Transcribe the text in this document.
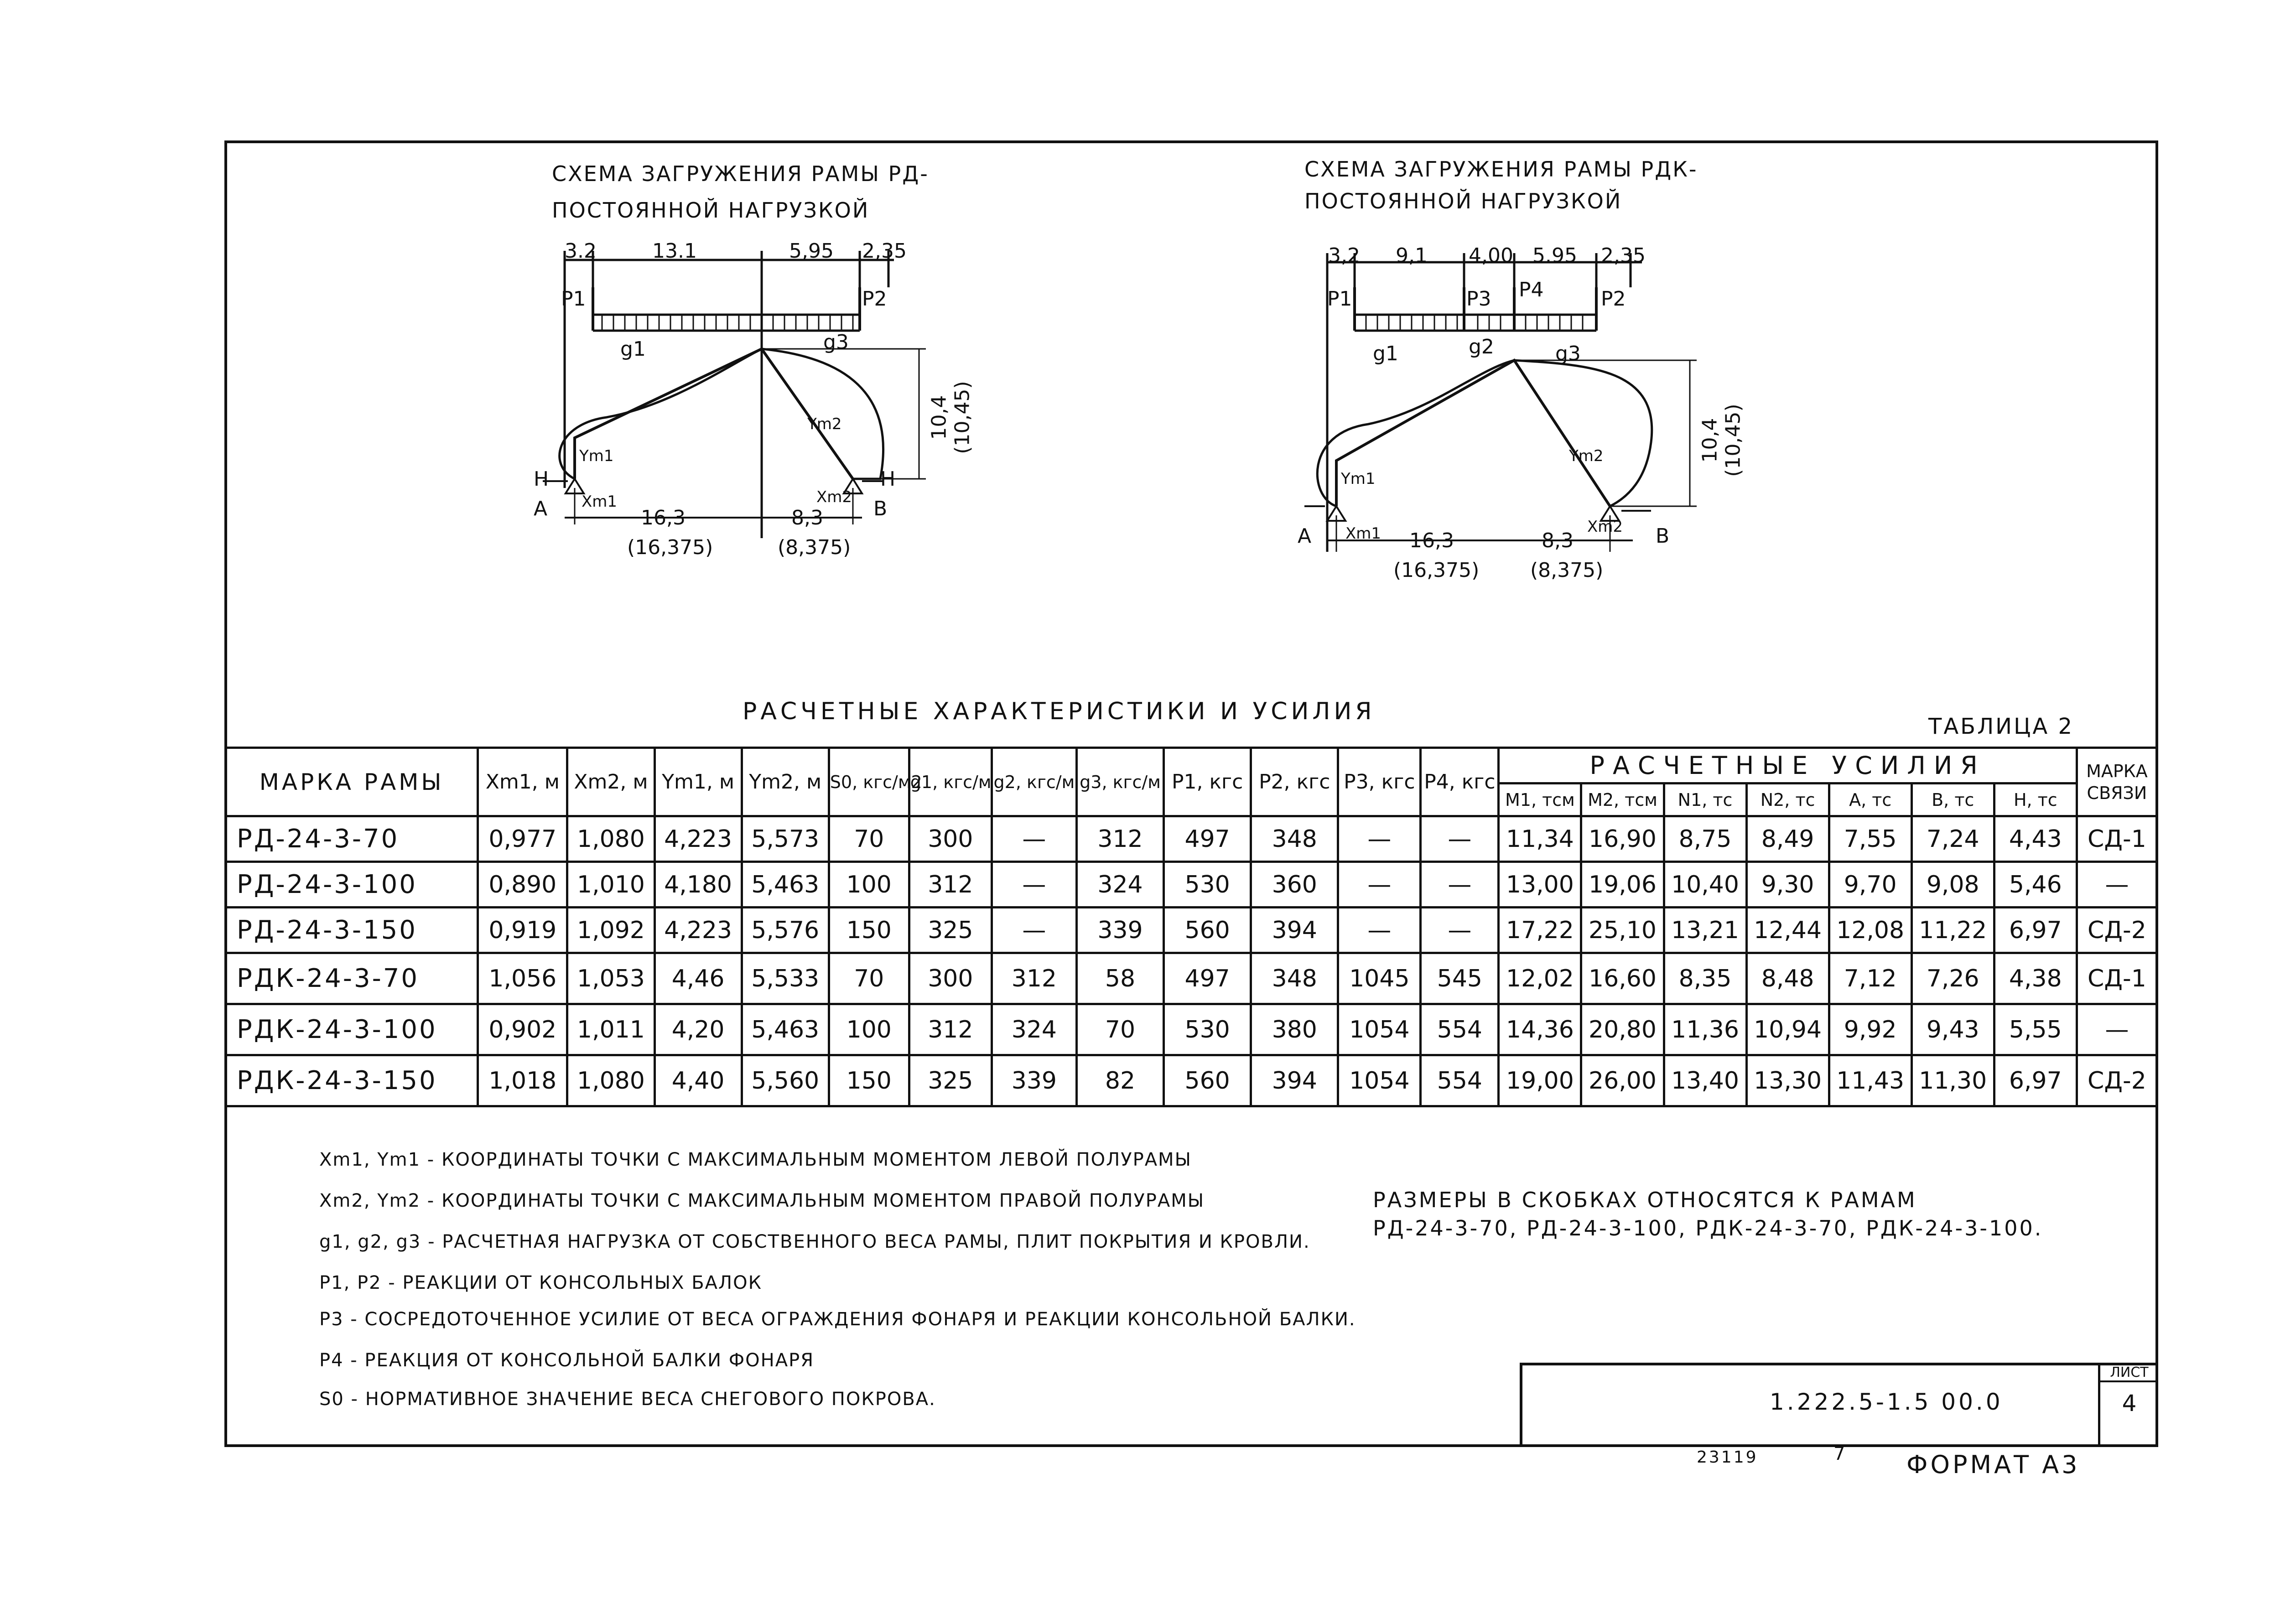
СХЕМА ЗАГРУЖЕНИЯ РАМЫ РД-
ПОСТОЯННОЙ НАГРУЗКОЙ
3.2	13.1	5,95 2,35
P1	P2
g1	g3
Ym1
Ym2
H	H
A	B
Xm1	Xm2
10,4 (10,45)
16,3
(16,375)
8,3
(8,375)
СХЕМА ЗАГРУЖЕНИЯ РАМЫ РДК-
ПОСТОЯННОЙ НАГРУЗКОЙ
3,2 9,1 4,00 5.95 2,35
P1	P3 P4	P2
g1	g2	g3
Ym1
Ym2
A	B
Xm1	Xm2
10,4 (10,45)
16,3
(16,375)
8,3
(8,375)
РАСЧЕТНЫЕ ХАРАКТЕРИСТИКИ И УСИЛИЯ
ТАБЛИЦА 2
МАРКА РАМЫ	Xm1, м	Xm2, м	Ym1, м	Ym2, м	S0, кгс/м2	g1, кгс/м	g2, кгс/м	g3, кгс/м	P1, кгс	P2, кгс	P3, кгс	P4, кгс	РАСЧЕТНЫЕ УСИЛИЯ							МАРКА СВЯЗИ
													M1, тсм	M2, тсм	N1, тс	N2, тс	A, тс	B, тс	H, тс	
РД-24-3-70	0,977	1,080	4,223	5,573	70	300	—	312	497	348	—	—	11,34	16,90	8,75	8,49	7,55	7,24	4,43	СД-1
РД-24-3-100	0,890	1,010	4,180	5,463	100	312	—	324	530	360	—	—	13,00	19,06	10,40	9,30	9,70	9,08	5,46	—
РД-24-3-150	0,919	1,092	4,223	5,576	150	325	—	339	560	394	—	—	17,22	25,10	13,21	12,44	12,08	11,22	6,97	СД-2
РДК-24-3-70	1,056	1,053	4,46	5,533	70	300	312	58	497	348	1045	545	12,02	16,60	8,35	8,48	7,12	7,26	4,38	СД-1
РДК-24-3-100	0,902	1,011	4,20	5,463	100	312	324	70	530	380	1054	554	14,36	20,80	11,36	10,94	9,92	9,43	5,55	—
РДК-24-3-150	1,018	1,080	4,40	5,560	150	325	339	82	560	394	1054	554	19,00	26,00	13,40	13,30	11,43	11,30	6,97	СД-2
Xm1, Ym1 - КООРДИНАТЫ ТОЧКИ С МАКСИМАЛЬНЫМ МОМЕНТОМ ЛЕВОЙ ПОЛУРАМЫ
Xm2, Ym2 - КООРДИНАТЫ ТОЧКИ С МАКСИМАЛЬНЫМ МОМЕНТОМ ПРАВОЙ ПОЛУРАМЫ
g1, g2, g3 - РАСЧЕТНАЯ НАГРУЗКА ОТ СОБСТВЕННОГО ВЕСА РАМЫ, ПЛИТ ПОКРЫТИЯ И КРОВЛИ.
P1, P2 - РЕАКЦИИ ОТ КОНСОЛЬНЫХ БАЛОК
P3 - СОСРЕДОТОЧЕННОЕ УСИЛИЕ ОТ ВЕСА ОГРАЖДЕНИЯ ФОНАРЯ И РЕАКЦИИ КОНСОЛЬНОЙ БАЛКИ.
P4 - РЕАКЦИЯ ОТ КОНСОЛЬНОЙ БАЛКИ ФОНАРЯ
S0 - НОРМАТИВНОЕ ЗНАЧЕНИЕ ВЕСА СНЕГОВОГО ПОКРОВА.
РАЗМЕРЫ В СКОБКАХ ОТНОСЯТСЯ К РАМАМ
РД-24-3-70, РД-24-3-100, РДК-24-3-70, РДК-24-3-100.
1.222.5-1.5 00.0
ЛИСТ
4
23119	7 ФОРМАТ А3
